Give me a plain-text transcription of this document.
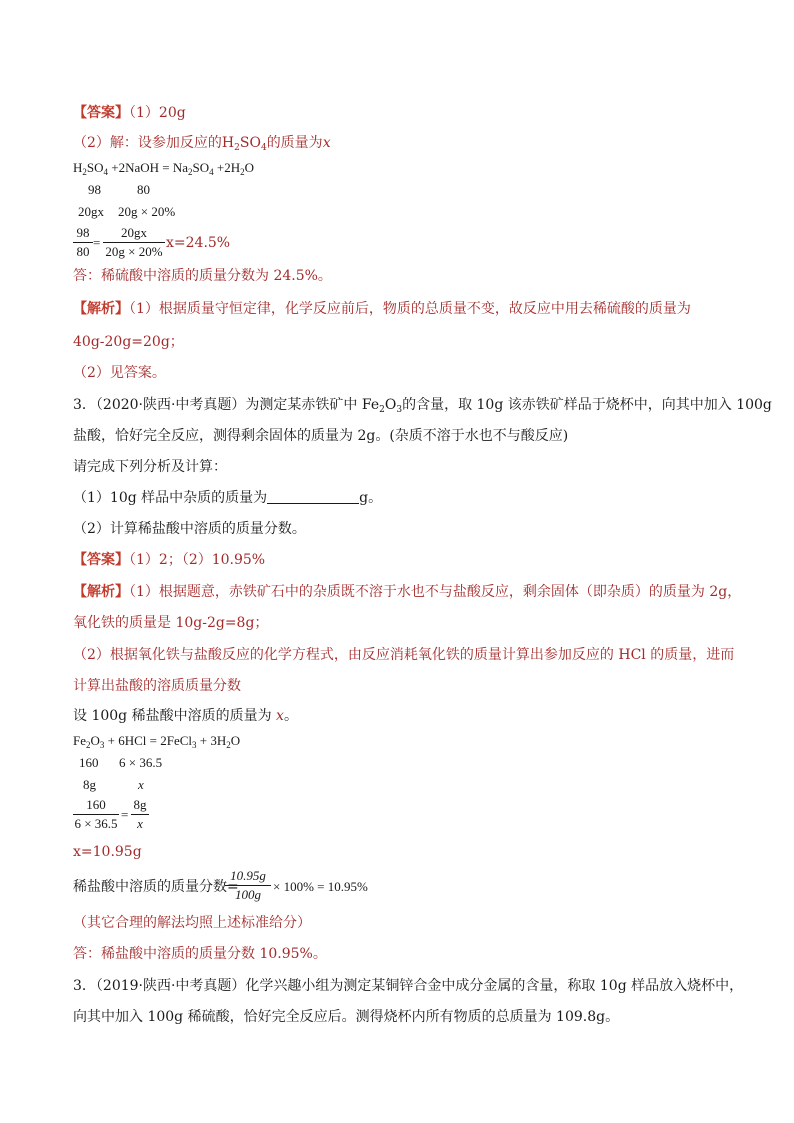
【答案】（1）20g
（2）解：设参加反应的$H_2SO_4$的质量为x
$H_2SO_4$ +2NaOH = $Na_2SO_4 +2H_2O$
98	80
20gx 20g × 20%
98
80
=
20gx
20g × 20%
x=24.5%
答：稀硫酸中溶质的质量分数为 24.5%。
【解析】（1）根据质量守恒定律，化学反应前后，物质的总质量不变，故反应中用去稀硫酸的质量为
40g-20g=20g；
（2）见答案。
3．（2020·陕西·中考真题）为测定某赤铁矿中 $Fe_2O_3$的含量，取 10g 该赤铁矿样品于烧杯中，向其中加入 100g
盐酸，恰好完全反应，测得剩余固体的质量为 2g。(杂质不溶于水也不与酸反应)
请完成下列分析及计算：
（1）10g 样品中杂质的质量为	g。
（2）计算稀盐酸中溶质的质量分数。
【答案】（1）2；（2）10.95%
【解析】（1）根据题意，赤铁矿石中的杂质既不溶于水也不与盐酸反应，剩余固体（即杂质）的质量为 2g，
氧化铁的质量是 10g-2g=8g；
（2）根据氧化铁与盐酸反应的化学方程式，由反应消耗氧化铁的质量计算出参加反应的 HCl 的质量，进而
计算出盐酸的溶质质量分数
设 100g 稀盐酸中溶质的质量为 x。
$Fe_2O_3 + 6HCl$ = 2FeCl$_3$ + $3H_2O$
160 6 × 36.5
8g	x
160
6 × 36.5
=
8g
x
x=10.95g
稀盐酸中溶质的质量分数=
10.95g
100g
× 100% = 10.95%
（其它合理的解法均照上述标准给分）
答：稀盐酸中溶质的质量分数 10.95%。
3．（2019·陕西·中考真题）化学兴趣小组为测定某铜锌合金中成分金属的含量，称取 10g 样品放入烧杯中，
向其中加入 100g 稀硫酸，恰好完全反应后。测得烧杯内所有物质的总质量为 109.8g。
